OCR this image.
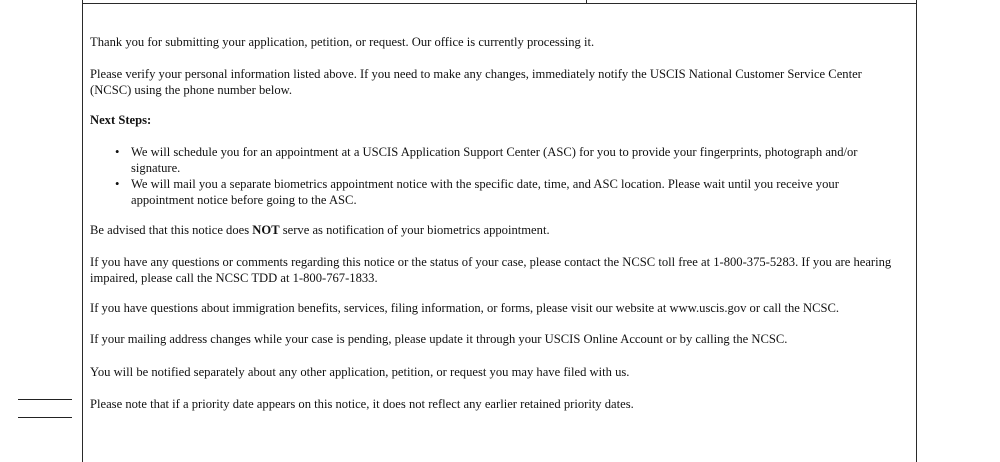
Thank you for submitting your application, petition, or request. Our office is currently processing it.

Please verify your personal information listed above. If you need to make any changes, immediately notify the USCIS National Customer Service Center (NCSC) using the phone number below.

Next Steps:

• We will schedule you for an appointment at a USCIS Application Support Center (ASC) for you to provide your fingerprints, photograph and/or signature.
• We will mail you a separate biometrics appointment notice with the specific date, time, and ASC location. Please wait until you receive your appointment notice before going to the ASC.

Be advised that this notice does NOT serve as notification of your biometrics appointment.

If you have any questions or comments regarding this notice or the status of your case, please contact the NCSC toll free at 1-800-375-5283. If you are hearing impaired, please call the NCSC TDD at 1-800-767-1833.

If you have questions about immigration benefits, services, filing information, or forms, please visit our website at www.uscis.gov or call the NCSC.

If your mailing address changes while your case is pending, please update it through your USCIS Online Account or by calling the NCSC.

You will be notified separately about any other application, petition, or request you may have filed with us.

Please note that if a priority date appears on this notice, it does not reflect any earlier retained priority dates.
